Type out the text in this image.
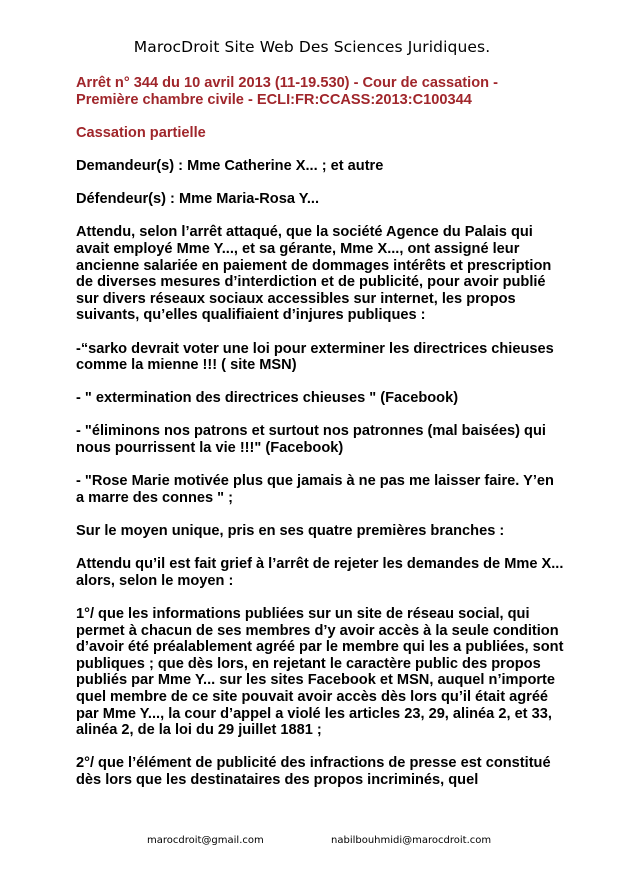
MarocDroit Site Web Des Sciences Juridiques.

Arrêt n° 344 du 10 avril 2013 (11-19.530) - Cour de cassation -
Première chambre civile - ECLI:FR:CCASS:2013:C100344

Cassation partielle

Demandeur(s) : Mme Catherine X... ; et autre

Défendeur(s) : Mme Maria-Rosa Y...

Attendu, selon l’arrêt attaqué, que la société Agence du Palais qui avait employé Mme Y..., et sa gérante, Mme X..., ont assigné leur ancienne salariée en paiement de dommages intérêts et prescription de diverses mesures d’interdiction et de publicité, pour avoir publié sur divers réseaux sociaux accessibles sur internet, les propos suivants, qu’elles qualifiaient d’injures publiques :

-“sarko devrait voter une loi pour exterminer les directrices chieuses comme la mienne !!! ( site MSN)

- " extermination des directrices chieuses " (Facebook)

- "éliminons nos patrons et surtout nos patronnes (mal baisées) qui nous pourrissent la vie !!!" (Facebook)

- "Rose Marie motivée plus que jamais à ne pas me laisser faire. Y’en a marre des connes " ;

Sur le moyen unique, pris en ses quatre premières branches :

Attendu qu’il est fait grief à l’arrêt de rejeter les demandes de Mme X... alors, selon le moyen :

1°/ que les informations publiées sur un site de réseau social, qui permet à chacun de ses membres d’y avoir accès à la seule condition d’avoir été préalablement agréé par le membre qui les a publiées, sont publiques ; que dès lors, en rejetant le caractère public des propos publiés par Mme Y... sur les sites Facebook et MSN, auquel n’importe quel membre de ce site pouvait avoir accès dès lors qu’il était agréé par Mme Y..., la cour d’appel a violé les articles 23, 29, alinéa 2, et 33, alinéa 2, de la loi du 29 juillet 1881 ;

2°/ que l’élément de publicité des infractions de presse est constitué dès lors que les destinataires des propos incriminés, quel

marocdroit@gmail.com	nabilbouhmidi@marocdroit.com
